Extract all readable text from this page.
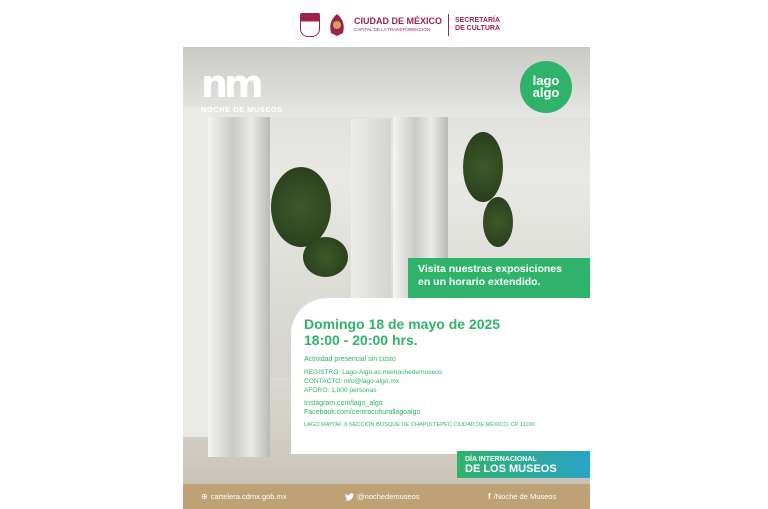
CIUDAD DE MÉXICO
CAPITAL DE LA TRANSFORMACIÓN
SECRETARÍA
DE CULTURA
nm
NOCHE DE MUSEOS
lago
algo
Visita nuestras exposiciones
en un horario extendido.
Domingo 18 de mayo de 2025
18:00 - 20:00 hrs.
Actividad presencial sin costo
REGISTRO: Lago-Algo.as.me/nochedemuseos
CONTACTO: info@lago-algo.mx
AFORO: 1,000 personas
Instagram.com/lago_algo
Facebook.com/centroculturallagoalgo
LAGO MAYOR, II SECCIÓN BOSQUE DE CHAPULTEPEC CIUDAD DE MÉXICO, CP 11100
DÍA INTERNACIONAL
DE LOS MUSEOS
⊕ cartelera.cdmx.gob.mx	@nochedemuseos	f /Noche de Museos
